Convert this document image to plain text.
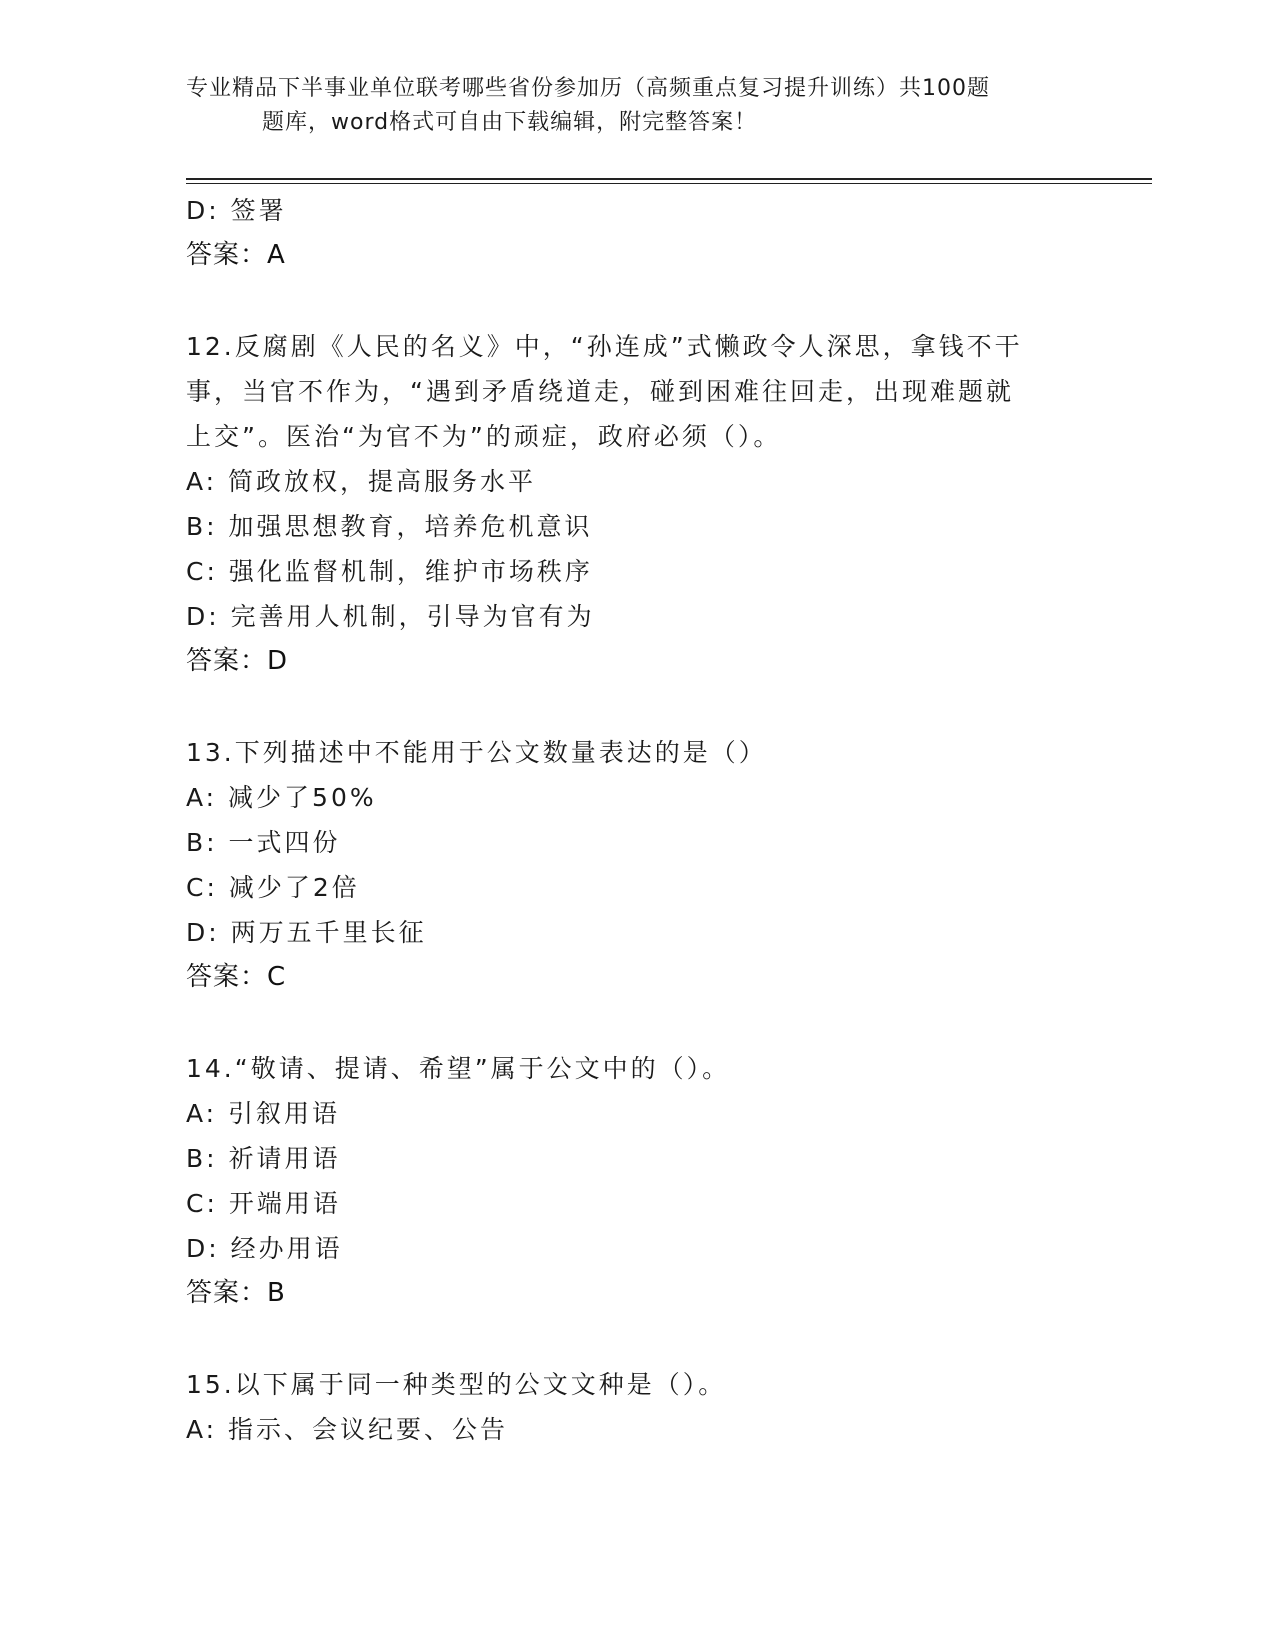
专业精品下半事业单位联考哪些省份参加历（高频重点复习提升训练）共100题
题库，word格式可自由下载编辑，附完整答案！
D: 签署
答案：A
12.反腐剧《人民的名义》中，“孙连成”式懒政令人深思，拿钱不干
事，当官不作为，“遇到矛盾绕道走，碰到困难往回走，出现难题就
上交”。医治“为官不为”的顽症，政府必须（）。
A: 简政放权，提高服务水平
B: 加强思想教育，培养危机意识
C: 强化监督机制，维护市场秩序
D: 完善用人机制，引导为官有为
答案：D
13.下列描述中不能用于公文数量表达的是（）
A: 减少了50%
B: 一式四份
C: 减少了2倍
D: 两万五千里长征
答案：C
14.“敬请、提请、希望”属于公文中的（）。
A: 引叙用语
B: 祈请用语
C: 开端用语
D: 经办用语
答案：B
15.以下属于同一种类型的公文文种是（）。
A: 指示、会议纪要、公告
